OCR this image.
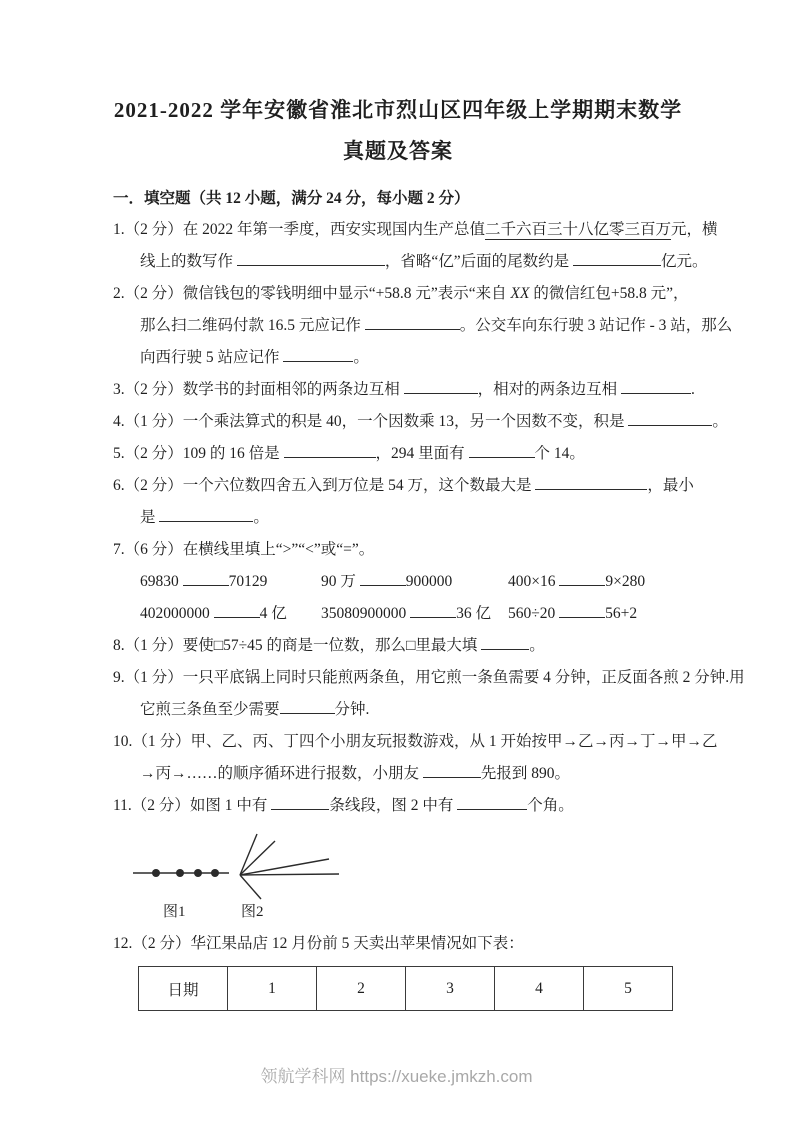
2021-2022 学年安徽省淮北市烈山区四年级上学期期末数学
真题及答案
一．填空题（共 12 小题，满分 24 分，每小题 2 分）
1.（2 分）在 2022 年第一季度，西安实现国内生产总值二千六百三十八亿零三百万元，横
线上的数写作	，省略“亿”后面的尾数约是	亿元。
2.（2 分）微信钱包的零钱明细中显示“+58.8 元”表示“来自 XX 的微信红包+58.8 元”，
那么扫二维码付款 16.5 元应记作	。公交车向东行驶 3 站记作 - 3 站，那么
向西行驶 5 站应记作	。
3.（2 分）数学书的封面相邻的两条边互相	，相对的两条边互相	.
4.（1 分）一个乘法算式的积是 40，一个因数乘 13，另一个因数不变，积是	。
5.（2 分）109 的 16 倍是	，294 里面有	个 14。
6.（2 分）一个六位数四舍五入到万位是 54 万，这个数最大是	，最小
是	。
7.（6 分）在横线里填上“>”“<”或“=”。
69830	70129	90 万	900000	400×16	9×280
402000000	4 亿	35080900000	36 亿	560÷20	56+2
8.（1 分）要使□57÷45 的商是一位数，那么□里最大填	。
9.（1 分）一只平底锅上同时只能煎两条鱼，用它煎一条鱼需要 4 分钟，正反面各煎 2 分钟.用
它煎三条鱼至少需要	分钟.
10.（1 分）甲、乙、丙、丁四个小朋友玩报数游戏，从 1 开始按甲→乙→丙→丁→甲→乙
→丙→……的顺序循环进行报数，小朋友	先报到 890。
11.（2 分）如图 1 中有	条线段，图 2 中有	个角。
图1	图2
12.（2 分）华江果品店 12 月份前 5 天卖出苹果情况如下表：
日期	1	2	3	4	5
领航学科网 https://xueke.jmkzh.com
